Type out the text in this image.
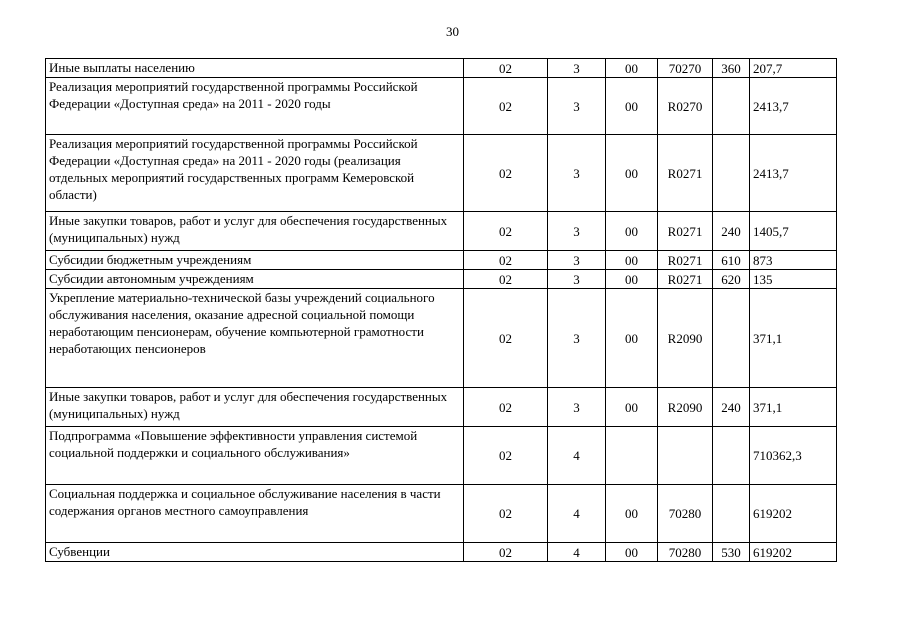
30
Иные выплаты населению	02	3	00	70270	360	207,7
Реализация мероприятий государственной программы Российской Федерации «Доступная среда» на 2011 - 2020 годы	02	3	00	R0270		2413,7
Реализация мероприятий государственной программы Российской Федерации «Доступная среда» на 2011 - 2020 годы (реализация отдельных мероприятий государственных программ Кемеровской области)	02	3	00	R0271		2413,7
Иные закупки товаров, работ и услуг для обеспечения государственных (муниципальных) нужд	02	3	00	R0271	240	1405,7
Субсидии бюджетным учреждениям	02	3	00	R0271	610	873
Субсидии автономным учреждениям	02	3	00	R0271	620	135
Укрепление материально-технической базы учреждений социального обслуживания населения, оказание адресной социальной помощи неработающим пенсионерам, обучение компьютерной грамотности неработающих пенсионеров	02	3	00	R2090		371,1
Иные закупки товаров, работ и услуг для обеспечения государственных (муниципальных) нужд	02	3	00	R2090	240	371,1
Подпрограмма «Повышение эффективности управления системой социальной поддержки и социального обслуживания»	02	4				710362,3
Социальная поддержка и социальное обслуживание населения в части содержания органов местного самоуправления	02	4	00	70280		619202
Субвенции	02	4	00	70280	530	619202
